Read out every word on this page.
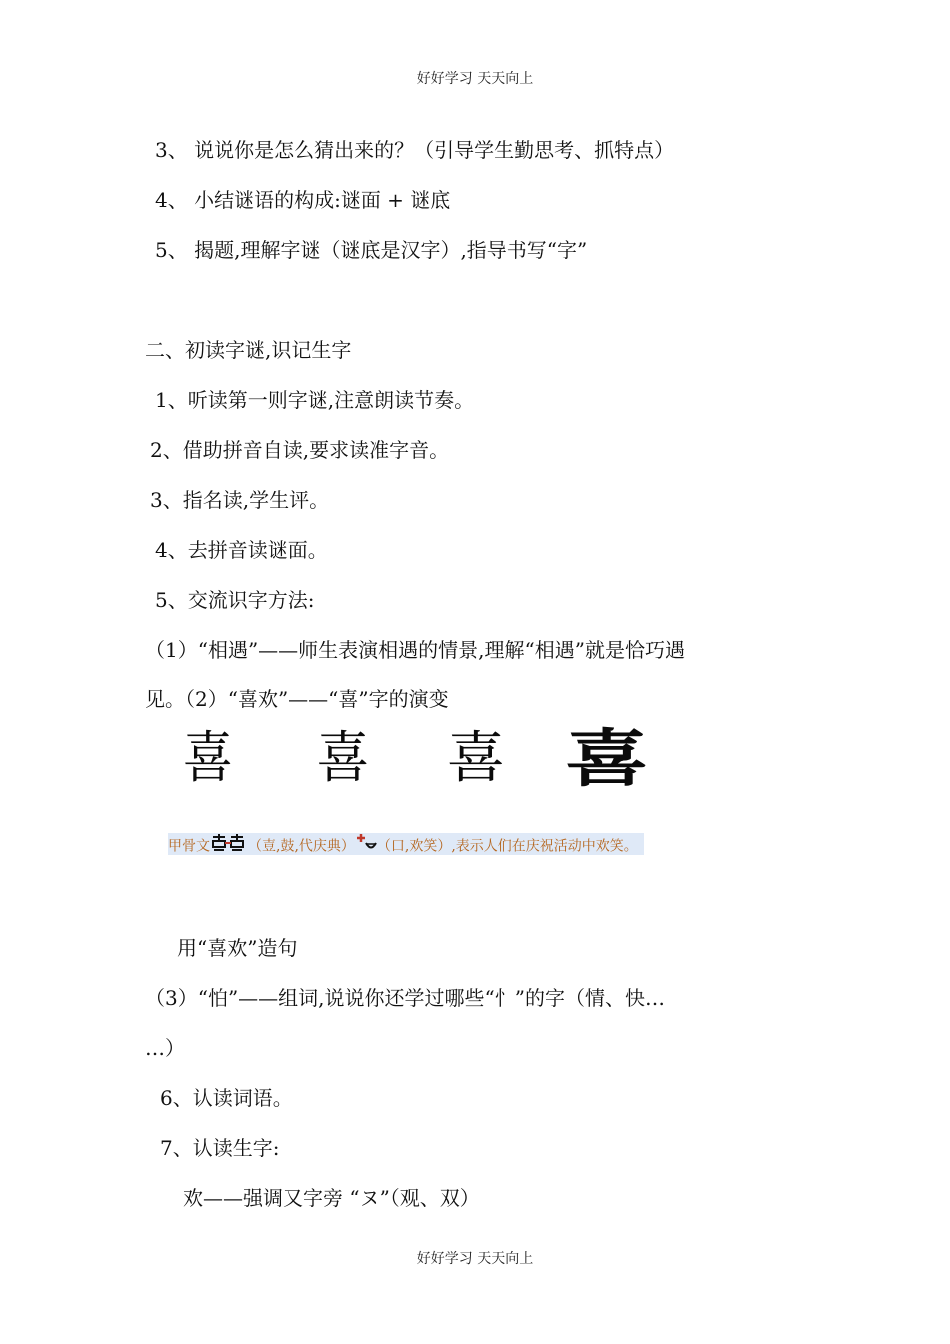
好好学习 天天向上
3、 说说你是怎么猜出来的？（引导学生勤思考、抓特点）
4、 小结谜语的构成:谜面 + 谜底
5、 揭题,理解字谜（谜底是汉字）,指导书写“字”
二、初读字谜,识记生字
1、听读第一则字谜,注意朗读节奏。
2、借助拼音自读,要求读准字音。
3、指名读,学生评。
4、去拼音读谜面。
5、交流识字方法:
（1）“相遇”——师生表演相遇的情景,理解“相遇”就是恰巧遇
见。（2）“喜欢”——“喜”字的演变
喜 喜 喜 喜
甲骨文	（壴,鼓,代庆典） （口,欢笑）,表示人们在庆祝活动中欢笑。
用“喜欢”造句
（3）“怕”——组词,说说你还学过哪些“忄”的字（情、快…
…）
6、认读词语。
7、认读生字:
欢——强调又字旁 “ヌ”（观、双）
好好学习 天天向上
